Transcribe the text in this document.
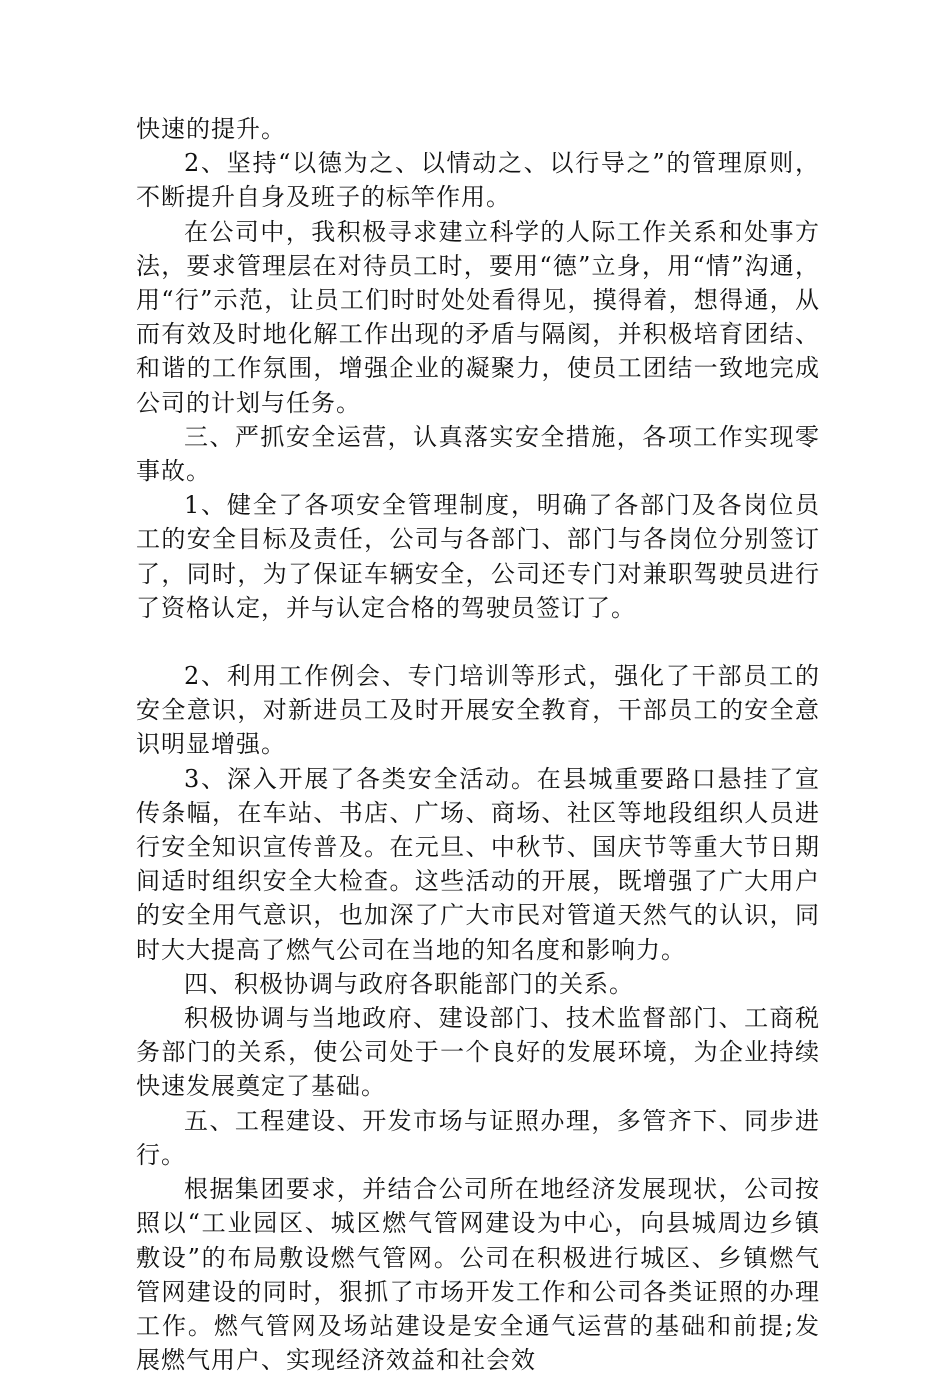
快速的提升。

2、坚持“以德为之、以情动之、以行导之”的管理原则，不断提升自身及班子的标竿作用。

在公司中，我积极寻求建立科学的人际工作关系和处事方法，要求管理层在对待员工时，要用“德”立身，用“情”沟通，用“行”示范，让员工们时时处处看得见，摸得着，想得通，从而有效及时地化解工作出现的矛盾与隔阂，并积极培育团结、和谐的工作氛围，增强企业的凝聚力，使员工团结一致地完成公司的计划与任务。

三、严抓安全运营，认真落实安全措施，各项工作实现零事故。

1、健全了各项安全管理制度，明确了各部门及各岗位员工的安全目标及责任，公司与各部门、部门与各岗位分别签订了，同时，为了保证车辆安全，公司还专门对兼职驾驶员进行了资格认定，并与认定合格的驾驶员签订了。

2、利用工作例会、专门培训等形式，强化了干部员工的安全意识，对新进员工及时开展安全教育，干部员工的安全意识明显增强。

3、深入开展了各类安全活动。在县城重要路口悬挂了宣传条幅，在车站、书店、广场、商场、社区等地段组织人员进行安全知识宣传普及。在元旦、中秋节、国庆节等重大节日期间适时组织安全大检查。这些活动的开展，既增强了广大用户的安全用气意识，也加深了广大市民对管道天然气的认识，同时大大提高了燃气公司在当地的知名度和影响力。

四、积极协调与政府各职能部门的关系。

积极协调与当地政府、建设部门、技术监督部门、工商税务部门的关系，使公司处于一个良好的发展环境，为企业持续快速发展奠定了基础。

五、工程建设、开发市场与证照办理，多管齐下、同步进行。

根据集团要求，并结合公司所在地经济发展现状，公司按照以“工业园区、城区燃气管网建设为中心，向县城周边乡镇敷设”的布局敷设燃气管网。公司在积极进行城区、乡镇燃气管网建设的同时，狠抓了市场开发工作和公司各类证照的办理工作。燃气管网及场站建设是安全通气运营的基础和前提;发展燃气用户、实现经济效益和社会效
